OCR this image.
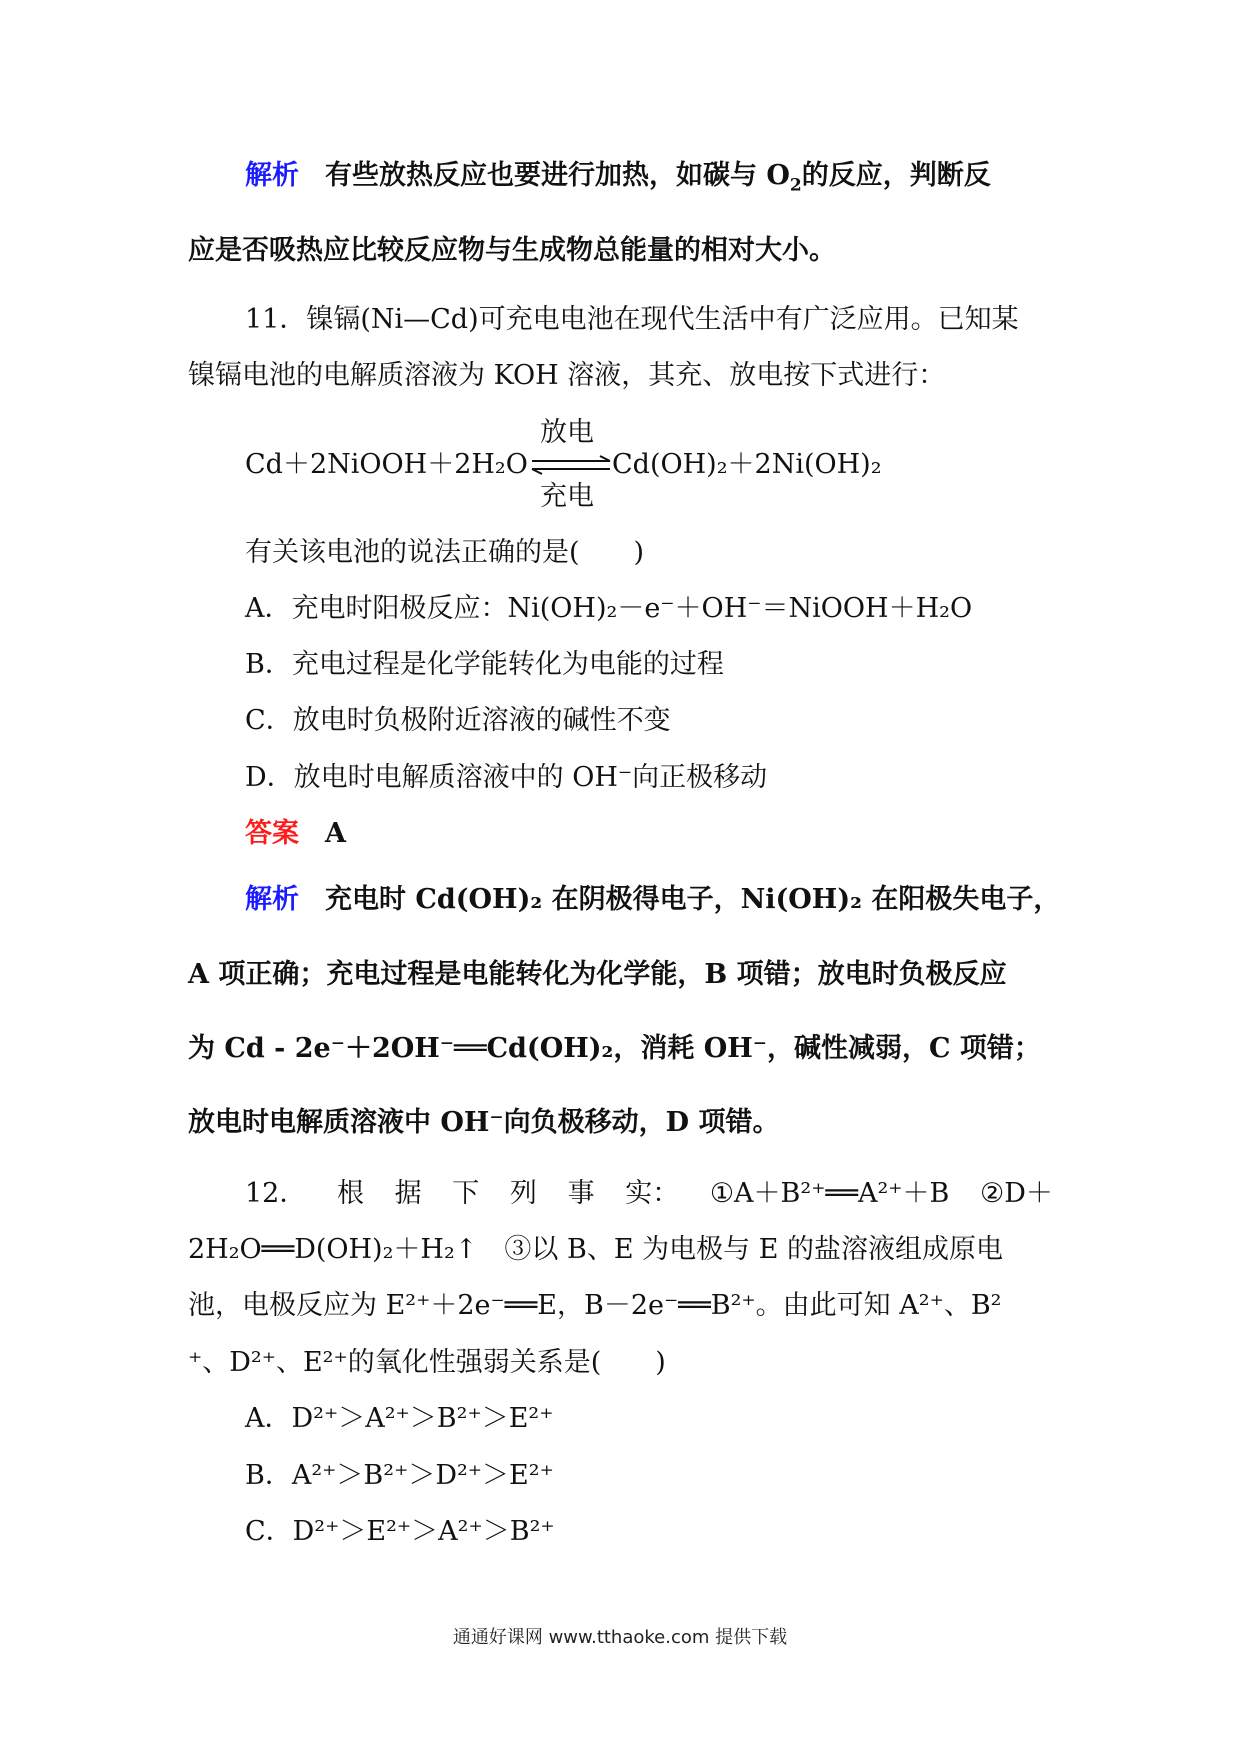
解析 有些放热反应也要进行加热，如碳与 $O_2$的反应，判断反
应是否吸热应比较反应物与生成物总能量的相对大小。
11．镍镉(Ni—Cd)可充电电池在现代生活中有广泛应用。已知某
镍镉电池的电解质溶液为 KOH 溶液，其充、放电按下式进行：
放电
Cd＋2NiOOH＋2H₂O	Cd(OH)₂＋2Ni(OH)₂
充电
有关该电池的说法正确的是(　　)
A．充电时阳极反应：Ni(OH)₂－e⁻＋OH⁻＝NiOOH＋H₂O
B．充电过程是化学能转化为电能的过程
C．放电时负极附近溶液的碱性不变
D．放电时电解质溶液中的 OH⁻向正极移动
答案 A
解析 充电时 Cd(OH)₂ 在阴极得电子，Ni(OH)₂ 在阳极失电子，
A 项正确；充电过程是电能转化为化学能，B 项错；放电时负极反应
为 Cd - 2e⁻＋2OH⁻══Cd(OH)₂，消耗 OH⁻，碱性减弱，C 项错；
放电时电解质溶液中 OH⁻向负极移动，D 项错。
12． 根 据 下 列 事 实： ①A＋B²⁺══A²⁺＋B ②D＋
2H₂O══D(OH)₂＋H₂↑　③以 B、E 为电极与 E 的盐溶液组成原电
池，电极反应为 E²⁺＋2e⁻══E，B－2e⁻══B²⁺。由此可知 A²⁺、B²
⁺、D²⁺、E²⁺的氧化性强弱关系是(　　)
A．D²⁺＞A²⁺＞B²⁺＞E²⁺
B．A²⁺＞B²⁺＞D²⁺＞E²⁺
C．D²⁺＞E²⁺＞A²⁺＞B²⁺
通通好课网 www.tthaoke.com 提供下载
